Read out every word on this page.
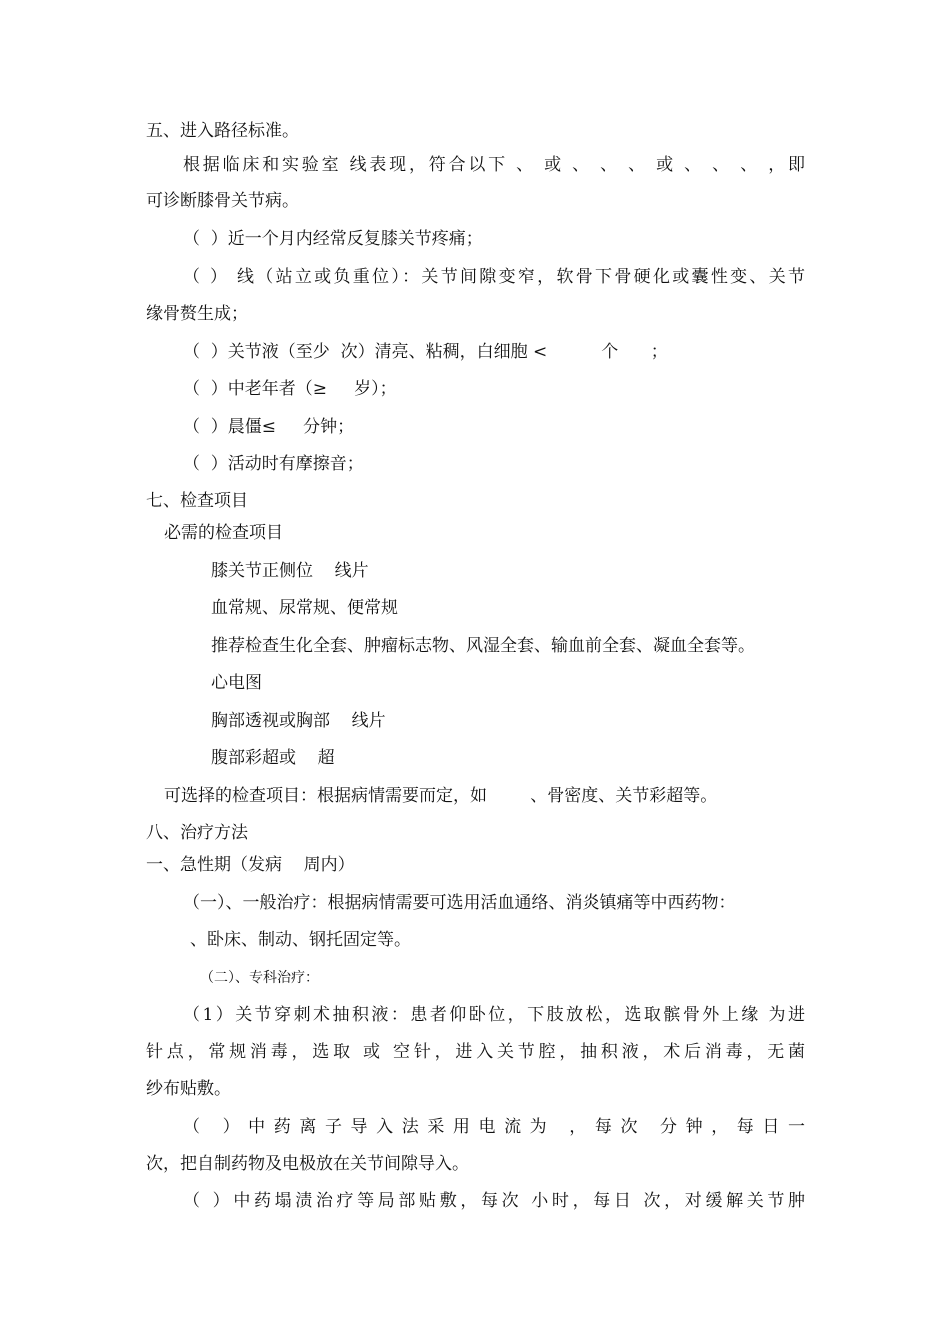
五、进入路径标准。
根据临床和实验室 线表现，符合以下 、 或 、 、 、 或 、 、 、 ，即
可诊断膝骨关节病。
（  ）近一个月内经常反复膝关节疼痛；
（ ） 线（站立或负重位）：关节间隙变窄，软骨下骨硬化或囊性变、关节
缘骨赘生成；
（  ）关节液（至少  次）清亮、粘稠，白细胞 <          个      ；
（  ）中老年者（≥     岁）；
（  ）晨僵≤     分钟；
（  ）活动时有摩擦音；
七、检查项目
必需的检查项目
膝关节正侧位    线片
血常规、尿常规、便常规
推荐检查生化全套、肿瘤标志物、风湿全套、输血前全套、凝血全套等。
心电图
胸部透视或胸部    线片
腹部彩超或    超
可选择的检查项目：根据病情需要而定，如        、骨密度、关节彩超等。
八、治疗方法
一、急性期（发病    周内）
（一）、一般治疗：根据病情需要可选用活血通络、消炎镇痛等中西药物：
、卧床、制动、钢托固定等。
（二）、专科治疗：
（1）关节穿刺术抽积液：患者仰卧位，下肢放松，选取髌骨外上缘 为进
针点，常规消毒，选取 或 空针，进入关节腔，抽积液，术后消毒，无菌
纱布贴敷。
（ ）中药离子导入法采用电流为 ，每次 分钟，每日一
次，把自制药物及电极放在关节间隙导入。
（ ）中药塌渍治疗等局部贴敷，每次 小时，每日 次，对缓解关节肿
